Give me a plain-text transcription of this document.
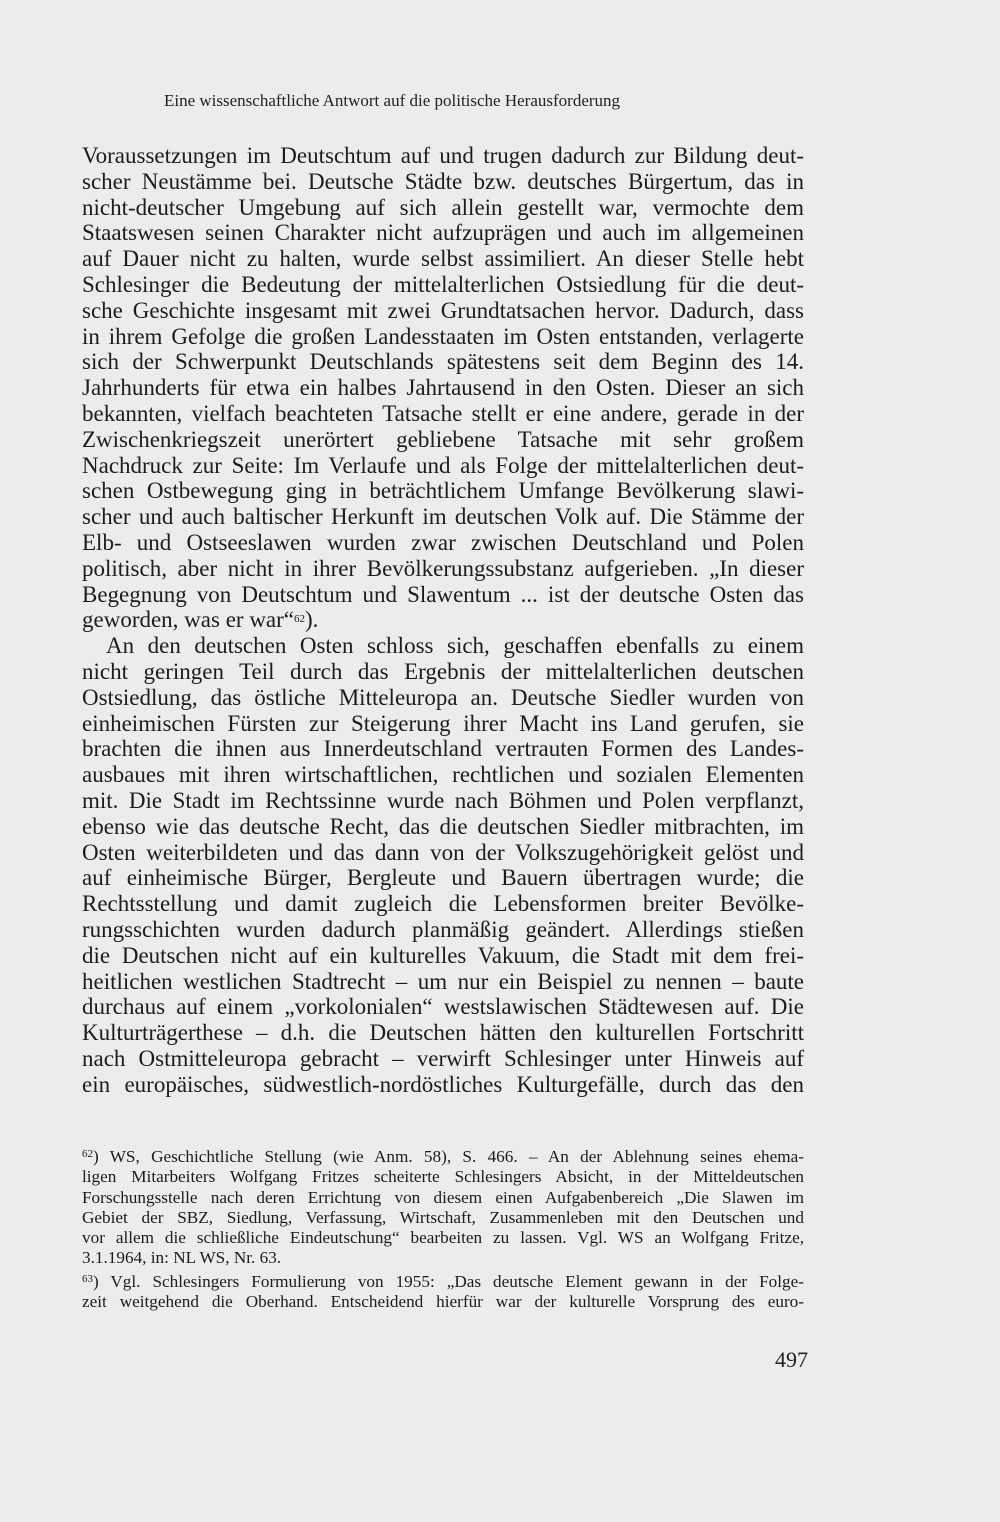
Eine wissenschaftliche Antwort auf die politische Herausforderung
Voraussetzungen im Deutschtum auf und trugen dadurch zur Bildung deut-
scher Neustämme bei. Deutsche Städte bzw. deutsches Bürgertum, das in
nicht-deutscher Umgebung auf sich allein gestellt war, vermochte dem
Staatswesen seinen Charakter nicht aufzuprägen und auch im allgemeinen
auf Dauer nicht zu halten, wurde selbst assimiliert. An dieser Stelle hebt
Schlesinger die Bedeutung der mittelalterlichen Ostsiedlung für die deut-
sche Geschichte insgesamt mit zwei Grundtatsachen hervor. Dadurch, dass
in ihrem Gefolge die großen Landesstaaten im Osten entstanden, verlagerte
sich der Schwerpunkt Deutschlands spätestens seit dem Beginn des 14.
Jahrhunderts für etwa ein halbes Jahrtausend in den Osten. Dieser an sich
bekannten, vielfach beachteten Tatsache stellt er eine andere, gerade in der
Zwischenkriegszeit unerörtert gebliebene Tatsache mit sehr großem
Nachdruck zur Seite: Im Verlaufe und als Folge der mittelalterlichen deut-
schen Ostbewegung ging in beträchtlichem Umfange Bevölkerung slawi-
scher und auch baltischer Herkunft im deutschen Volk auf. Die Stämme der
Elb- und Ostseeslawen wurden zwar zwischen Deutschland und Polen
politisch, aber nicht in ihrer Bevölkerungssubstanz aufgerieben. „In dieser
Begegnung von Deutschtum und Slawentum ... ist der deutsche Osten das
geworden, was er war“$^{62}$).
An den deutschen Osten schloss sich, geschaffen ebenfalls zu einem
nicht geringen Teil durch das Ergebnis der mittelalterlichen deutschen
Ostsiedlung, das östliche Mitteleuropa an. Deutsche Siedler wurden von
einheimischen Fürsten zur Steigerung ihrer Macht ins Land gerufen, sie
brachten die ihnen aus Innerdeutschland vertrauten Formen des Landes-
ausbaues mit ihren wirtschaftlichen, rechtlichen und sozialen Elementen
mit. Die Stadt im Rechtssinne wurde nach Böhmen und Polen verpflanzt,
ebenso wie das deutsche Recht, das die deutschen Siedler mitbrachten, im
Osten weiterbildeten und das dann von der Volkszugehörigkeit gelöst und
auf einheimische Bürger, Bergleute und Bauern übertragen wurde; die
Rechtsstellung und damit zugleich die Lebensformen breiter Bevölke-
rungsschichten wurden dadurch planmäßig geändert. Allerdings stießen
die Deutschen nicht auf ein kulturelles Vakuum, die Stadt mit dem frei-
heitlichen westlichen Stadtrecht – um nur ein Beispiel zu nennen – baute
durchaus auf einem „vorkolonialen“ westslawischen Städtewesen auf. Die
Kulturträgerthese – d.h. die Deutschen hätten den kulturellen Fortschritt
nach Ostmitteleuropa gebracht – verwirft Schlesinger unter Hinweis auf
ein europäisches, südwestlich-nordöstliches Kulturgefälle, durch das den
$^{62}$) WS, Geschichtliche Stellung (wie Anm. 58), S. 466. – An der Ablehnung seines ehema-
ligen Mitarbeiters Wolfgang Fritzes scheiterte Schlesingers Absicht, in der Mitteldeutschen
Forschungsstelle nach deren Errichtung von diesem einen Aufgabenbereich „Die Slawen im
Gebiet der SBZ, Siedlung, Verfassung, Wirtschaft, Zusammenleben mit den Deutschen und
vor allem die schließliche Eindeutschung“ bearbeiten zu lassen. Vgl. WS an Wolfgang Fritze,
3.1.1964, in: NL WS, Nr. 63.
$^{63}$) Vgl. Schlesingers Formulierung von 1955: „Das deutsche Element gewann in der Folge-
zeit weitgehend die Oberhand. Entscheidend hierfür war der kulturelle Vorsprung des euro-
497
